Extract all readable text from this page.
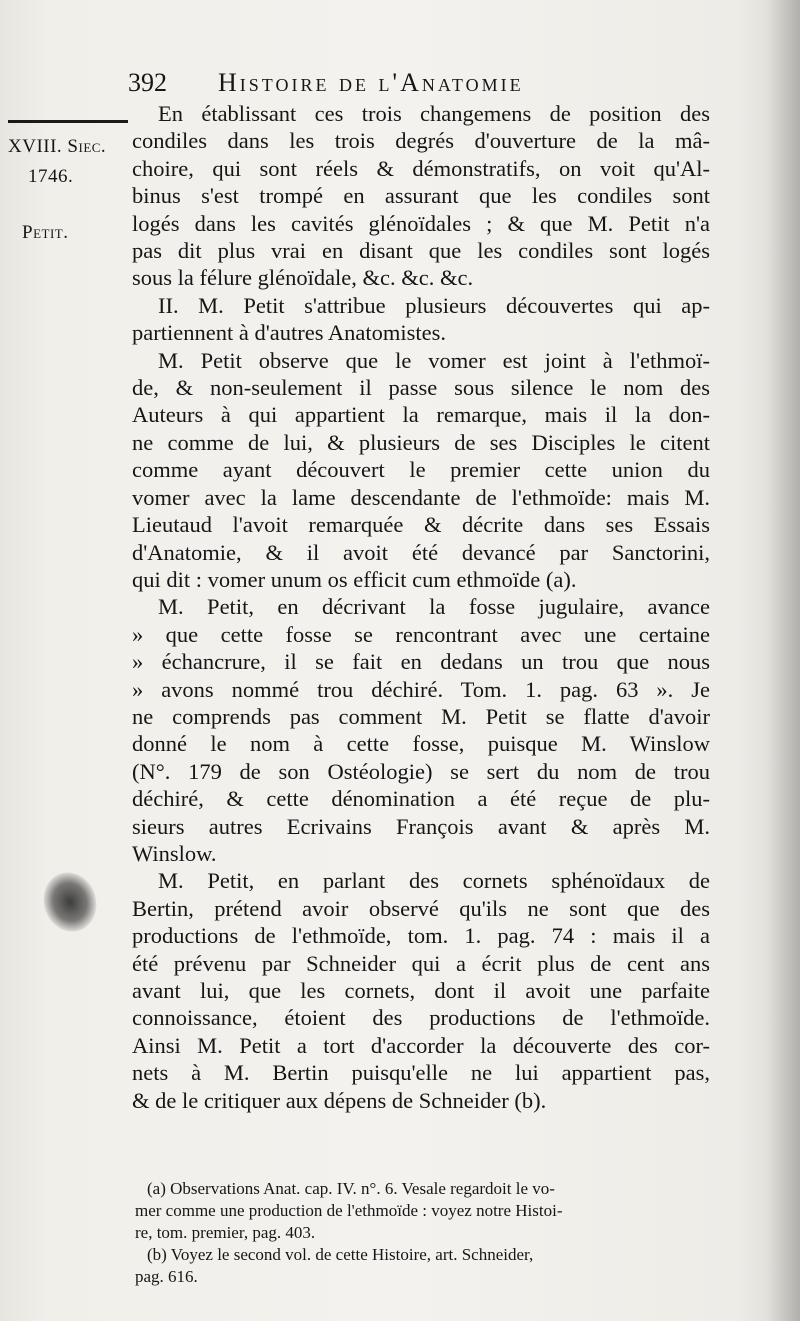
392 Histoire de l'Anatomie
XVIII. Siec.
1746.
Petit.
En établissant ces trois changemens de position des
condiles dans les trois degrés d'ouverture de la mâ-
choire, qui sont réels & démonstratifs, on voit qu'Al-
binus s'est trompé en assurant que les condiles sont
logés dans les cavités glénoïdales ; & que M. Petit n'a
pas dit plus vrai en disant que les condiles sont logés
sous la félure glénoïdale, &c. &c. &c.
II. M. Petit s'attribue plusieurs découvertes qui ap-
partiennent à d'autres Anatomistes.
M. Petit observe que le vomer est joint à l'ethmoï-
de, & non-seulement il passe sous silence le nom des
Auteurs à qui appartient la remarque, mais il la don-
ne comme de lui, & plusieurs de ses Disciples le citent
comme ayant découvert le premier cette union du
vomer avec la lame descendante de l'ethmoïde: mais M.
Lieutaud l'avoit remarquée & décrite dans ses Essais
d'Anatomie, & il avoit été devancé par Sanctorini,
qui dit : vomer unum os efficit cum ethmoïde (a).
M. Petit, en décrivant la fosse jugulaire, avance
» que cette fosse se rencontrant avec une certaine
» échancrure, il se fait en dedans un trou que nous
» avons nommé trou déchiré. Tom. 1. pag. 63 ». Je
ne comprends pas comment M. Petit se flatte d'avoir
donné le nom à cette fosse, puisque M. Winslow
(N°. 179 de son Ostéologie) se sert du nom de trou
déchiré, & cette dénomination a été reçue de plu-
sieurs autres Ecrivains François avant & après M.
Winslow.
M. Petit, en parlant des cornets sphénoïdaux de
Bertin, prétend avoir observé qu'ils ne sont que des
productions de l'ethmoïde, tom. 1. pag. 74 : mais il a
été prévenu par Schneider qui a écrit plus de cent ans
avant lui, que les cornets, dont il avoit une parfaite
connoissance, étoient des productions de l'ethmoïde.
Ainsi M. Petit a tort d'accorder la découverte des cor-
nets à M. Bertin puisqu'elle ne lui appartient pas,
& de le critiquer aux dépens de Schneider (b).
(a) Observations Anat. cap. IV. n°. 6. Vesale regardoit le vo-
mer comme une production de l'ethmoïde : voyez notre Histoi-
re, tom. premier, pag. 403.
(b) Voyez le second vol. de cette Histoire, art. Schneider,
pag. 616.
